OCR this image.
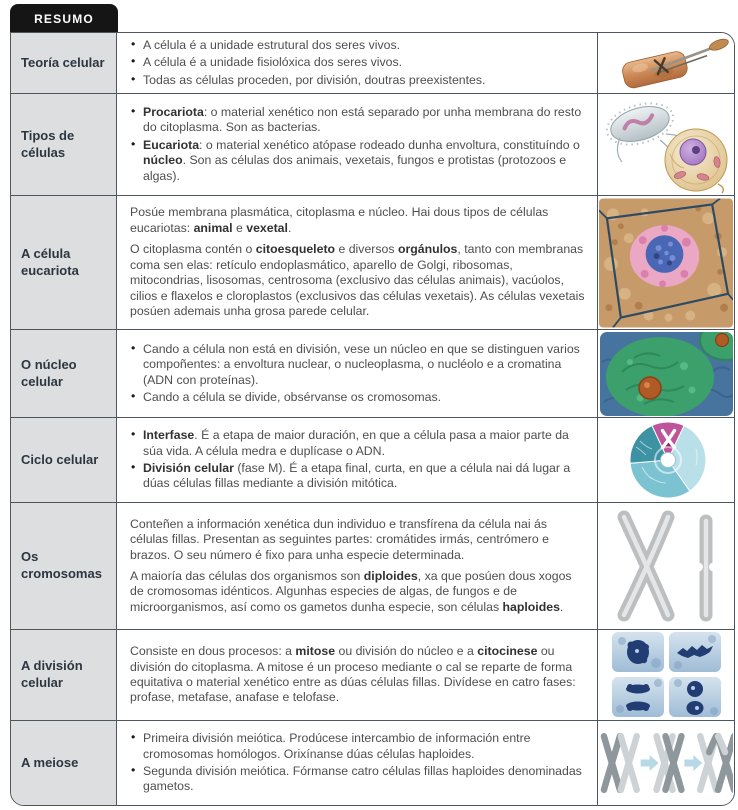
RESUMO
Teoría celular
• A célula é a unidade estrutural dos seres vivos.
• A célula é a unidade fisiolóxica dos seres vivos.
• Todas as células proceden, por división, doutras preexistentes.
Tipos de células
• Procariota: o material xenético non está separado por unha membrana do resto do citoplasma. Son as bacterias.
• Eucariota: o material xenético atópase rodeado dunha envoltura, constituíndo o núcleo. Son as células dos animais, vexetais, fungos e protistas (protozoos e algas).
A célula eucariota

Posúe membrana plasmática, citoplasma e núcleo. Hai dous tipos de células eucariotas: animal e vexetal.

O citoplasma contén o citoesqueleto e diversos orgánulos, tanto con membranas coma sen elas: retículo endoplasmático, aparello de Golgi, ribosomas, mitocondrias, lisosomas, centrosoma (exclusivo das células animais), vacúolos, cilios e flaxelos e cloroplastos (exclusivos das células vexetais). As células vexetais posúen ademais unha grosa parede celular.

O núcleo celular
• Cando a célula non está en división, vese un núcleo en que se distinguen varios compoñentes: a envoltura nuclear, o nucleoplasma, o nucléolo e a cromatina (ADN con proteínas).
• Cando a célula se divide, obsérvanse os cromosomas.
Ciclo celular
• Interfase. É a etapa de maior duración, en que a célula pasa a maior parte da súa vida. A célula medra e duplícase o ADN.
• División celular (fase M). É a etapa final, curta, en que a célula nai dá lugar a dúas células fillas mediante a división mitótica.
Os cromosomas

Conteñen a información xenética dun individuo e transfírena da célula nai ás células fillas. Presentan as seguintes partes: cromátides irmás, centrómero e brazos. O seu número é fixo para unha especie determinada.

A maioría das células dos organismos son diploides, xa que posúen dous xogos de cromosomas idénticos. Algunhas especies de algas, de fungos e de microorganismos, así como os gametos dunha especie, son células haploides.

A división celular

Consiste en dous procesos: a mitose ou división do núcleo e a citocinese ou división do citoplasma. A mitose é un proceso mediante o cal se reparte de forma equitativa o material xenético entre as dúas células fillas. Divídese en catro fases: profase, metafase, anafase e telofase.

A meiose
• Primeira división meiótica. Prodúcese intercambio de información entre cromosomas homólogos. Orixínanse dúas células haploides.
• Segunda división meiótica. Fórmanse catro células fillas haploides denominadas gametos.
